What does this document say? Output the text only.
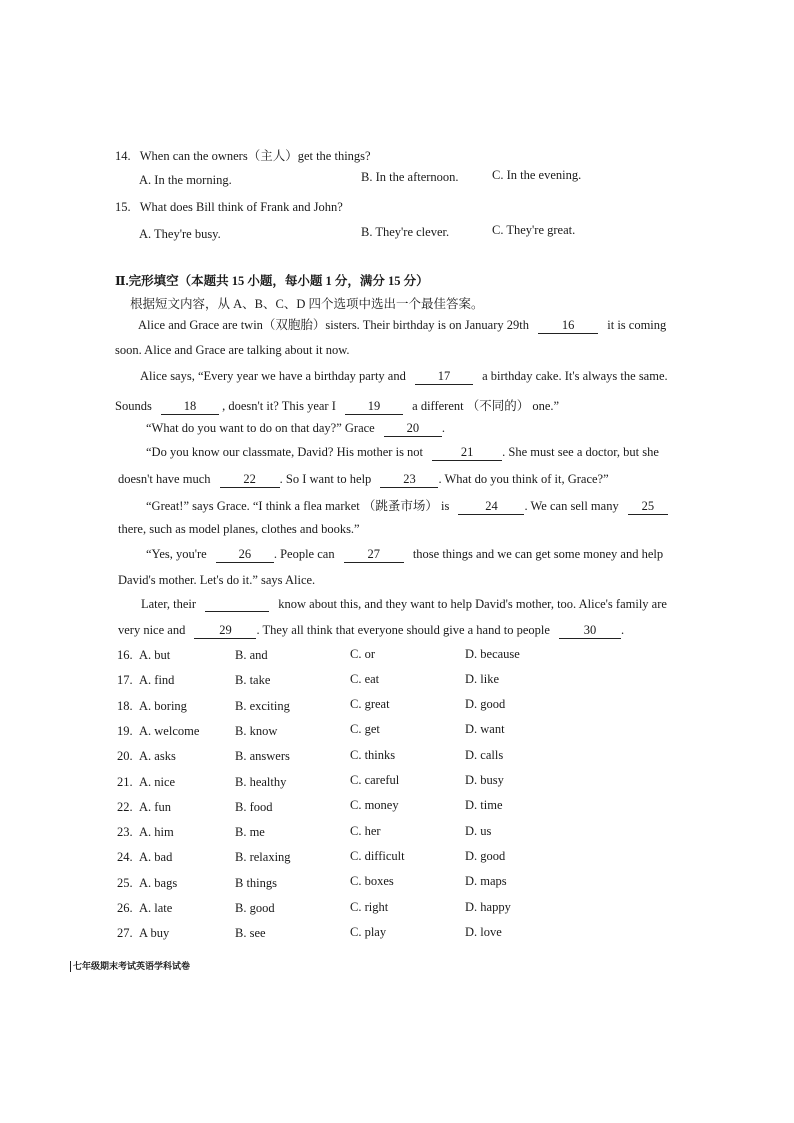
14. When can the owners（主人）get the things?
A. In the morning.	B. In the afternoon.	C. In the evening.
15. What does Bill think of Frank and John?
A. They're busy.	B. They're clever.	C. They're great.
Ⅱ.完形填空（本题共 15 小题，每小题 1 分，满分 15 分）
根据短文内容，从 A、B、C、D 四个选项中选出一个最佳答案。
Alice and Grace are twin（双胞胎）sisters. Their birthday is on January 29th	16	it is coming
soon. Alice and Grace are talking about it now.
Alice says, “Every year we have a birthday party and	17	a birthday cake. It's always the same.
Sounds	18 , doesn't it? This year I	19	a different （不同的） one.”
“What do you want to do on that day?” Grace	20 .
“Do you know our classmate, David? His mother is not	21 . She must see a doctor, but she
doesn't have much	22 . So I want to help	23 . What do you think of it, Grace?”
“Great!” says Grace. “I think a flea market （跳蚤市场） is	24 . We can sell many 25
there, such as model planes, clothes and books.”
“Yes, you're	26 . People can	27	those things and we can get some money and help
David's mother. Let's do it.” says Alice.
Later, their	know about this, and they want to help David's mother, too. Alice's family are
very nice and	29 . They all think that everyone should give a hand to people	30 .
16. A. but	B. and	C. or	D. because
17. A. find	B. take	C. eat	D. like
18. A. boring	B. exciting	C. great	D. good
19. A. welcome	B. know	C. get	D. want
20. A. asks	B. answers	C. thinks	D. calls
21. A. nice	B. healthy	C. careful	D. busy
22. A. fun	B. food	C. money	D. time
23. A. him	B. me	C. her	D. us
24. A. bad	B. relaxing	C. difficult	D. good
25. A. bags	B things	C. boxes	D. maps
26. A. late	B. good	C. right	D. happy
27. A buy	B. see	C. play	D. love
七年级期末考试英语学科试卷
